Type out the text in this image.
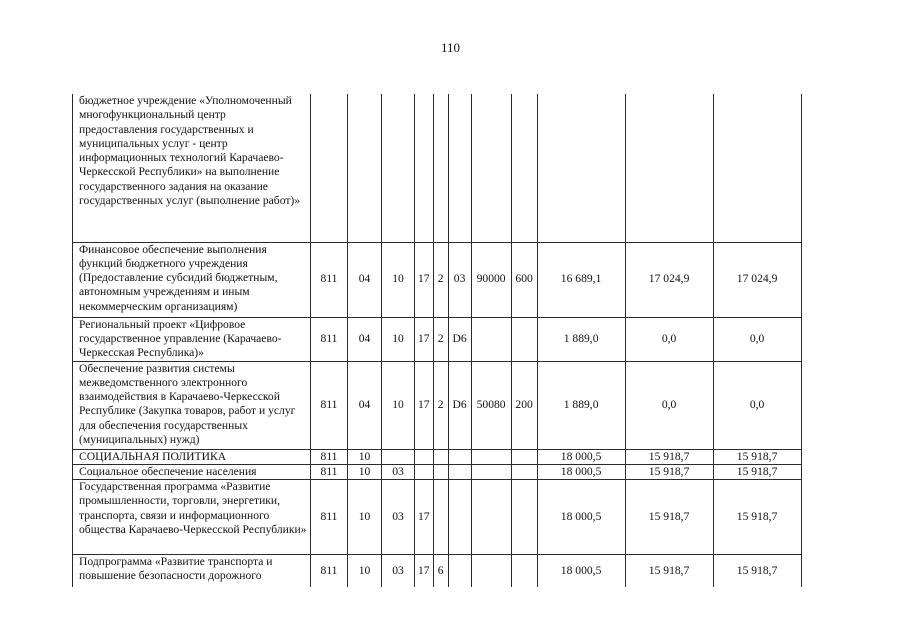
110
бюджетное учреждение «Уполномоченный многофункциональный центр предоставления государственных и муниципальных услуг - центр информационных технологий Карачаево-Черкесской Республики» на выполнение государственного задания на оказание государственных услуг (выполнение работ)»											
Финансовое обеспечение выполнения функций бюджетного учреждения (Предоставление субсидий бюджетным, автономным учреждениям и иным некоммерческим организациям)	811	04	10	17	2	03	90000	600	16 689,1	17 024,9	17 024,9
Региональный проект «Цифровое государственное управление (Карачаево-Черкесская Республика)»	811	04	10	17	2	D6			1 889,0	0,0	0,0
Обеспечение развития системы межведомственного электронного взаимодействия в Карачаево-Черкесской Республике (Закупка товаров, работ и услуг для обеспечения государственных (муниципальных) нужд)	811	04	10	17	2	D6	50080	200	1 889,0	0,0	0,0
СОЦИАЛЬНАЯ ПОЛИТИКА	811	10							18 000,5	15 918,7	15 918,7
Социальное обеспечение населения	811	10	03						18 000,5	15 918,7	15 918,7
Государственная программа «Развитие промышленности, торговли, энергетики, транспорта, связи и информационного общества Карачаево-Черкесской Республики»	811	10	03	17					18 000,5	15 918,7	15 918,7
Подпрограмма «Развитие транспорта и повышение безопасности дорожного	811	10	03	17	6				18 000,5	15 918,7	15 918,7
